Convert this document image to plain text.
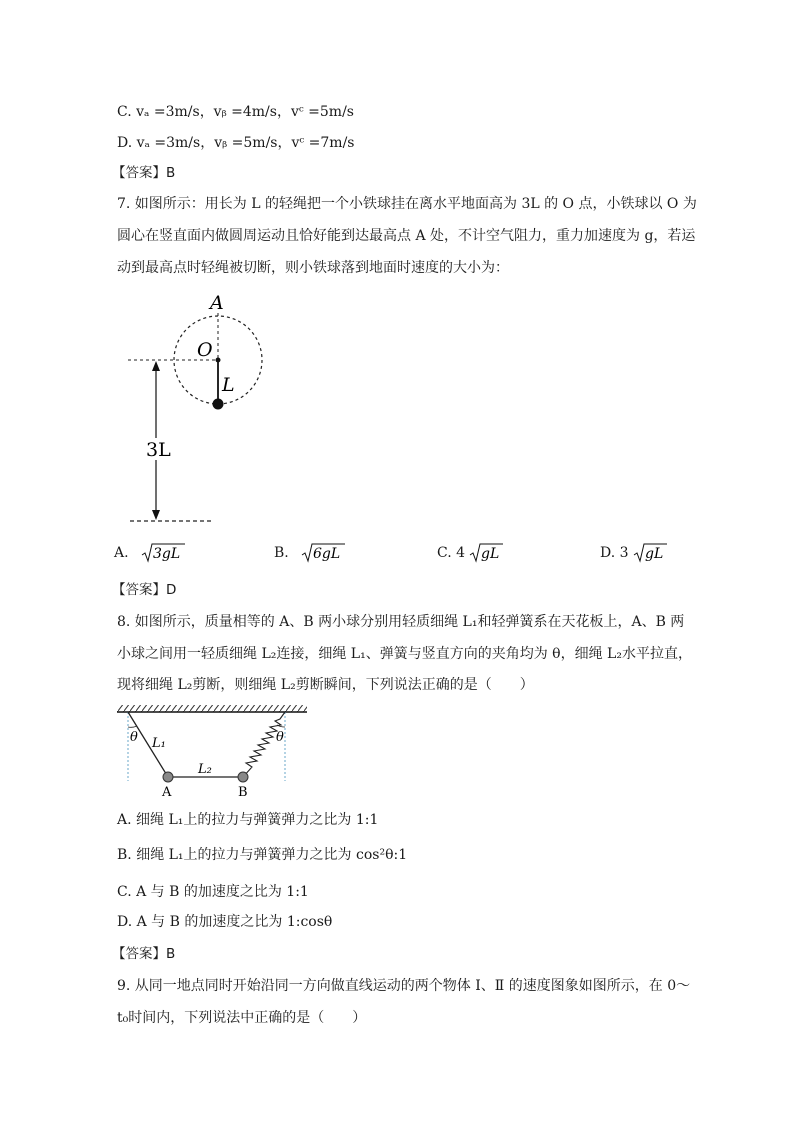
C. vₐ =3m/s，vᵦ =4m/s，vᶜ =5m/s
D. vₐ =3m/s，vᵦ =5m/s，vᶜ =7m/s
【答案】B
7. 如图所示：用长为 L 的轻绳把一个小铁球挂在离水平地面高为 3L 的 O 点，小铁球以 O 为
圆心在竖直面内做圆周运动且恰好能到达最高点 A 处，不计空气阻力，重力加速度为 g，若运
动到最高点时轻绳被切断，则小铁球落到地面时速度的大小为：
3L
A
O
L
A. 3gL	B. 6gL	C. 4 gL	D. 3 gL
【答案】D
8. 如图所示，质量相等的 A、B 两小球分别用轻质细绳 L₁和轻弹簧系在天花板上，A、B 两
小球之间用一轻质细绳 L₂连接，细绳 L₁、弹簧与竖直方向的夹角均为 θ，细绳 L₂水平拉直，
现将细绳 L₂剪断，则细绳 L₂剪断瞬间，下列说法正确的是（　　）
θ	θ
L₁
L₂
A	B
A. 细绳 L₁上的拉力与弹簧弹力之比为 1:1
B. 细绳 L₁上的拉力与弹簧弹力之比为 cos²θ:1
C. A 与 B 的加速度之比为 1:1
D. A 与 B 的加速度之比为 1:cosθ
【答案】B
9. 从同一地点同时开始沿同一方向做直线运动的两个物体 Ⅰ、Ⅱ 的速度图象如图所示，在 0～
t₀时间内，下列说法中正确的是（　　）
